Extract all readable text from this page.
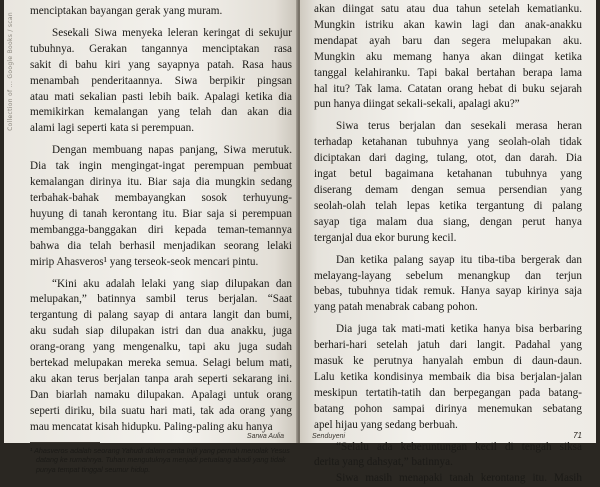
Collection of ... Google Books / scan
menciptakan bayangan gerak yang muram.
Sesekali Siwa menyeka leleran keringat di sekujur
tubuhnya. Gerakan tangannya menciptakan rasa
sakit di bahu kiri yang sayapnya patah. Rasa haus
menambah penderitaannya. Siwa berpikir pingsan
atau mati sekalian pasti lebih baik. Apalagi ketika dia
memikirkan kemalangan yang telah dan akan dia
alami lagi seperti kata si perempuan.
Dengan membuang napas panjang, Siwa merutuk.
Dia tak ingin mengingat-ingat perempuan pembuat
kemalangan dirinya itu. Biar saja dia mungkin sedang
terbahak-bahak membayangkan sosok terhuyung-
huyung di tanah kerontang itu. Biar saja si perempuan
membangga-banggakan diri kepada teman-temannya
bahwa dia telah berhasil menjadikan seorang lelaki
mirip Ahasveros¹ yang terseok-seok mencari pintu.
“Kini aku adalah lelaki yang siap dilupakan dan
melupakan,” batinnya sambil terus berjalan. “Saat
tergantung di palang sayap di antara langit dan bumi,
aku sudah siap dilupakan istri dan dua anakku, juga
orang-orang yang mengenalku, tapi aku juga sudah
bertekad melupakan mereka semua. Selagi belum mati,
aku akan terus berjalan tanpa arah seperti sekarang ini.
Dan biarlah namaku dilupakan. Apalagi untuk orang
seperti diriku, bila suatu hari mati, tak ada orang yang
mau mencatat kisah hidupku. Paling-paling aku hanya
¹ Ahasveros adalah seorang Yahudi dalam cerita Injil yang pernah menolak Yesus
datang ke rumahnya. Tuhan mengutuknya menjadi petualang abadi yang tidak
punya tempat tinggal seumur hidup.
Sarwa Aulia
akan diingat satu atau dua tahun setelah kematianku.
Mungkin istriku akan kawin lagi dan anak-anakku
mendapat ayah baru dan segera melupakan aku.
Mungkin aku memang hanya akan diingat ketika
tanggal kelahiranku. Tapi bakal bertahan berapa lama
hal itu? Tak lama. Catatan orang hebat di buku sejarah
pun hanya diingat sekali-sekali, apalagi aku?”
Siwa terus berjalan dan sesekali merasa heran
terhadap ketahanan tubuhnya yang seolah-olah tidak
diciptakan dari daging, tulang, otot, dan darah. Dia
ingat betul bagaimana ketahanan tubuhnya yang
diserang demam dengan semua persendian yang
seolah-olah telah lepas ketika tergantung di palang
sayap tiga malam dua siang, dengan perut hanya
terganjal dua ekor burung kecil.
Dan ketika palang sayap itu tiba-tiba bergerak dan
melayang-layang sebelum menangkup dan terjun
bebas, tubuhnya tidak remuk. Hanya sayap kirinya saja
yang patah menabrak cabang pohon.
Dia juga tak mati-mati ketika hanya bisa berbaring
berhari-hari setelah jatuh dari langit. Padahal yang
masuk ke perutnya hanyalah embun di daun-daun.
Lalu ketika kondisinya membaik dia bisa berjalan-jalan
meskipun tertatih-tatih dan berpegangan pada batang-
batang pohon sampai dirinya menemukan sebatang
apel hijau yang sedang berbuah.
“Selalu ada keberuntungan kecil di tengah siksa
derita yang dahsyat,” batinnya.
Siwa masih menapaki tanah kerontang itu. Masih
Senduyeni	71
